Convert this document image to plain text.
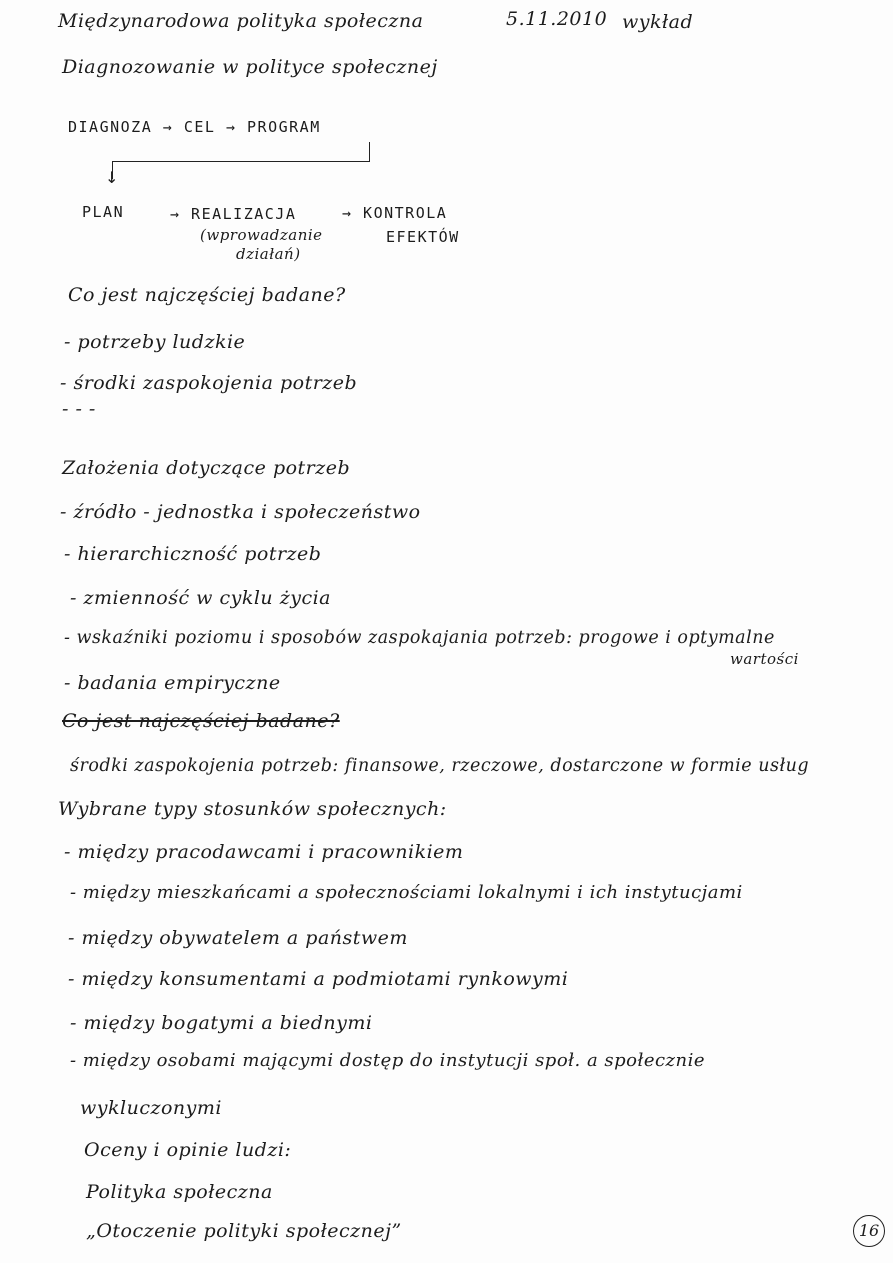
Międzynarodowa polityka społeczna	5.11.2010 wykład
Diagnozowanie w polityce społecznej
DIAGNOZA → CEL → PROGRAM
↓
PLAN	→ REALIZACJA
(wprowadzanie
działań)
→ KONTROLA
EFEKTÓW
Co jest najczęściej badane?
- potrzeby ludzkie
- środki zaspokojenia potrzeb
- - -
Założenia dotyczące potrzeb
- źródło - jednostka i społeczeństwo
- hierarchiczność potrzeb
- zmienność w cyklu życia
- wskaźniki poziomu i sposobów zaspokajania potrzeb: progowe i optymalne
wartości
- badania empiryczne
Co jest najczęściej badane?
środki zaspokojenia potrzeb: finansowe, rzeczowe, dostarczone w formie usług
Wybrane typy stosunków społecznych:
- między pracodawcami i pracownikiem
- między mieszkańcami a społecznościami lokalnymi i ich instytucjami
- między obywatelem a państwem
- między konsumentami a podmiotami rynkowymi
- między bogatymi a biednymi
- między osobami mającymi dostęp do instytucji społ. a społecznie
wykluczonymi
Oceny i opinie ludzi:
Polityka społeczna
„Otoczenie polityki społecznej”	16
